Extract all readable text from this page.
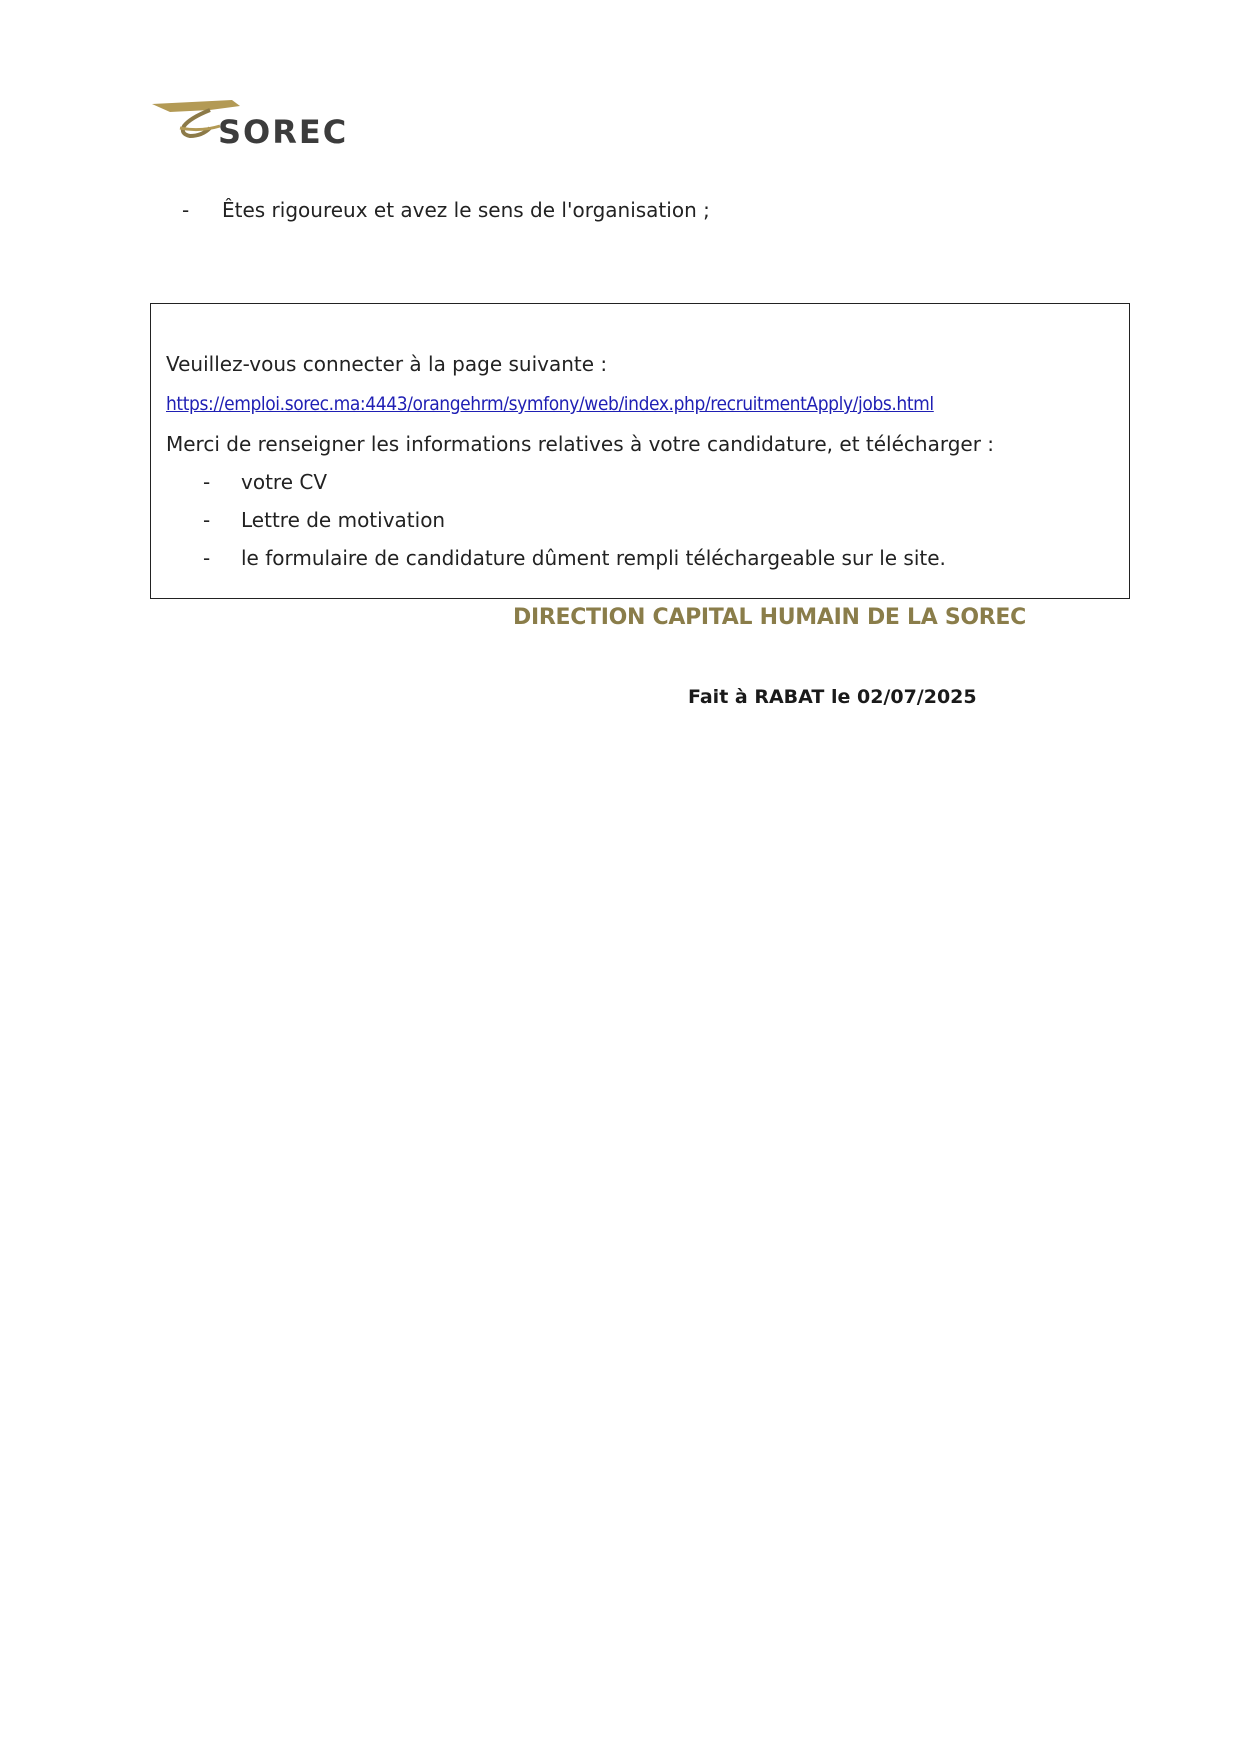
SOREC
-	Êtes rigoureux et avez le sens de l'organisation ;
Veuillez-vous connecter à la page suivante :
https://emploi.sorec.ma:4443/orangehrm/symfony/web/index.php/recruitmentApply/jobs.html
Merci de renseigner les informations relatives à votre candidature, et télécharger :
-	votre CV
-	Lettre de motivation
-	le formulaire de candidature dûment rempli téléchargeable sur le site.
DIRECTION CAPITAL HUMAIN DE LA SOREC
Fait à RABAT le 02/07/2025
